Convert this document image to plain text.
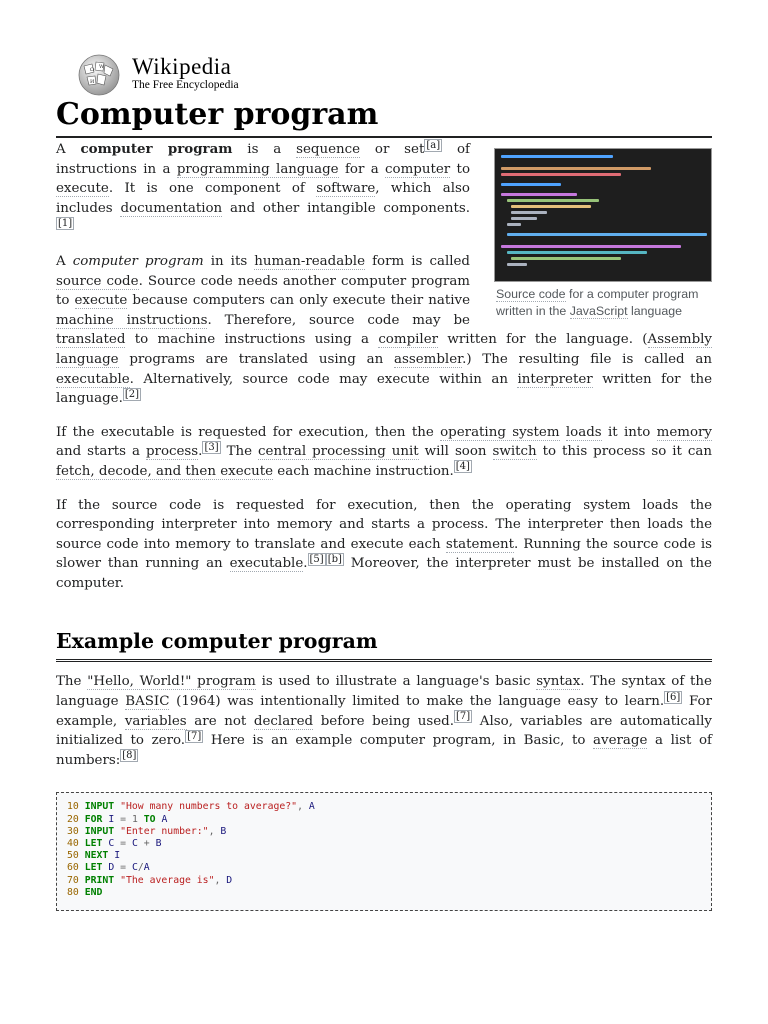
Ω W
И
Wikipedia
The Free Encyclopedia
Computer program
Source code for a computer program written in the JavaScript language

A computer program is a sequence or set [a] of instructions in a programming language for a computer to execute. It is one component of software, which also includes documentation and other intangible components.[1]

A computer program in its human-readable form is called source code. Source code needs another computer program to execute because computers can only execute their native machine instructions. Therefore, source code may be translated to machine instructions using a compiler written for the language. (Assembly language programs are translated using an assembler.) The resulting file is called an executable. Alternatively, source code may execute within an interpreter written for the language. [2]

If the executable is requested for execution, then the operating system loads it into memory and starts a process. [3] The central processing unit will soon switch to this process so it can fetch, decode, and then execute each machine instruction. [4]

If the source code is requested for execution, then the operating system loads the corresponding interpreter into memory and starts a process. The interpreter then loads the source code into memory to translate and execute each statement. Running the source code is slower than running an executable. [5] [b] Moreover, the interpreter must be installed on the computer.

Example computer program

The "Hello, World!" program is used to illustrate a language's basic syntax. The syntax of the language BASIC (1964) was intentionally limited to make the language easy to learn. [6] For example, variables are not declared before being used. [7] Also, variables are automatically initialized to zero. [7] Here is an example computer program, in Basic, to average a list of numbers: [8]

10 INPUT "How many numbers to average?", A
20 FOR I = 1 TO A
30 INPUT "Enter number:", B
40 LET C = C + B
50 NEXT I
60 LET D = C/A
70 PRINT "The average is", D
80 END
